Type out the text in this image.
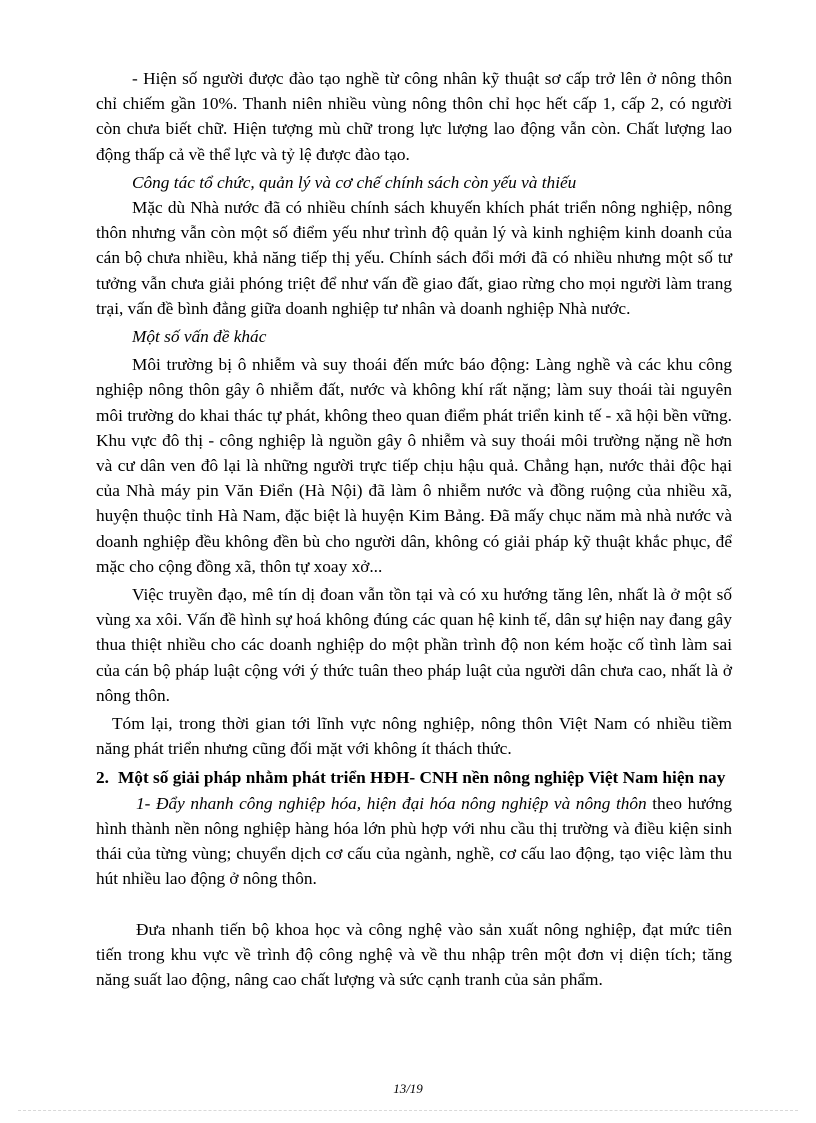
- Hiện số người được đào tạo nghề từ công nhân kỹ thuật sơ cấp trở lên ở nông thôn chỉ chiếm gần 10%. Thanh niên nhiều vùng nông thôn chỉ học hết cấp 1, cấp 2, có người còn chưa biết chữ. Hiện tượng mù chữ trong lực lượng lao động vẫn còn. Chất lượng lao động thấp cả về thể lực và tỷ lệ được đào tạo.

Công tác tổ chức, quản lý và cơ chế chính sách còn yếu và thiếu

Mặc dù Nhà nước đã có nhiều chính sách khuyến khích phát triển nông nghiệp, nông thôn nhưng vẫn còn một số điểm yếu như trình độ quản lý và kinh nghiệm kinh doanh của cán bộ chưa nhiều, khả năng tiếp thị yếu. Chính sách đổi mới đã có nhiều nhưng một số tư tưởng vẫn chưa giải phóng triệt để như vấn đề giao đất, giao rừng cho mọi người làm trang trại, vấn đề bình đẳng giữa doanh nghiệp tư nhân và doanh nghiệp Nhà nước.

Một số vấn đề khác

Môi trường bị ô nhiễm và suy thoái đến mức báo động: Làng nghề và các khu công nghiệp nông thôn gây ô nhiễm đất, nước và không khí rất nặng; làm suy thoái tài nguyên môi trường do khai thác tự phát, không theo quan điểm phát triển kinh tế - xã hội bền vững. Khu vực đô thị - công nghiệp là nguồn gây ô nhiễm và suy thoái môi trường nặng nề hơn và cư dân ven đô lại là những người trực tiếp chịu hậu quả. Chẳng hạn, nước thải độc hại của Nhà máy pin Văn Điển (Hà Nội) đã làm ô nhiễm nước và đồng ruộng của nhiều xã, huyện thuộc tỉnh Hà Nam, đặc biệt là huyện Kim Bảng. Đã mấy chục năm mà nhà nước và doanh nghiệp đều không đền bù cho người dân, không có giải pháp kỹ thuật khắc phục, để mặc cho cộng đồng xã, thôn tự xoay xở...

Việc truyền đạo, mê tín dị đoan vẫn tồn tại và có xu hướng tăng lên, nhất là ở một số vùng xa xôi. Vấn đề hình sự hoá không đúng các quan hệ kinh tế, dân sự hiện nay đang gây thua thiệt nhiều cho các doanh nghiệp do một phần trình độ non kém hoặc cố tình làm sai của cán bộ pháp luật cộng với ý thức tuân theo pháp luật của người dân chưa cao, nhất là ở nông thôn.

Tóm lại, trong thời gian tới lĩnh vực nông nghiệp, nông thôn Việt Nam có nhiều tiềm năng phát triển nhưng cũng đối mặt với không ít thách thức.

2. Một số giải pháp nhằm phát triển HĐH- CNH nền nông nghiệp Việt Nam hiện nay

1- Đẩy nhanh công nghiệp hóa, hiện đại hóa nông nghiệp và nông thôn theo hướng hình thành nền nông nghiệp hàng hóa lớn phù hợp với nhu cầu thị trường và điều kiện sinh thái của từng vùng; chuyển dịch cơ cấu của ngành, nghề, cơ cấu lao động, tạo việc làm thu hút nhiều lao động ở nông thôn.

Đưa nhanh tiến bộ khoa học và công nghệ vào sản xuất nông nghiệp, đạt mức tiên tiến trong khu vực về trình độ công nghệ và về thu nhập trên một đơn vị diện tích; tăng năng suất lao động, nâng cao chất lượng và sức cạnh tranh của sản phẩm.

13/19
